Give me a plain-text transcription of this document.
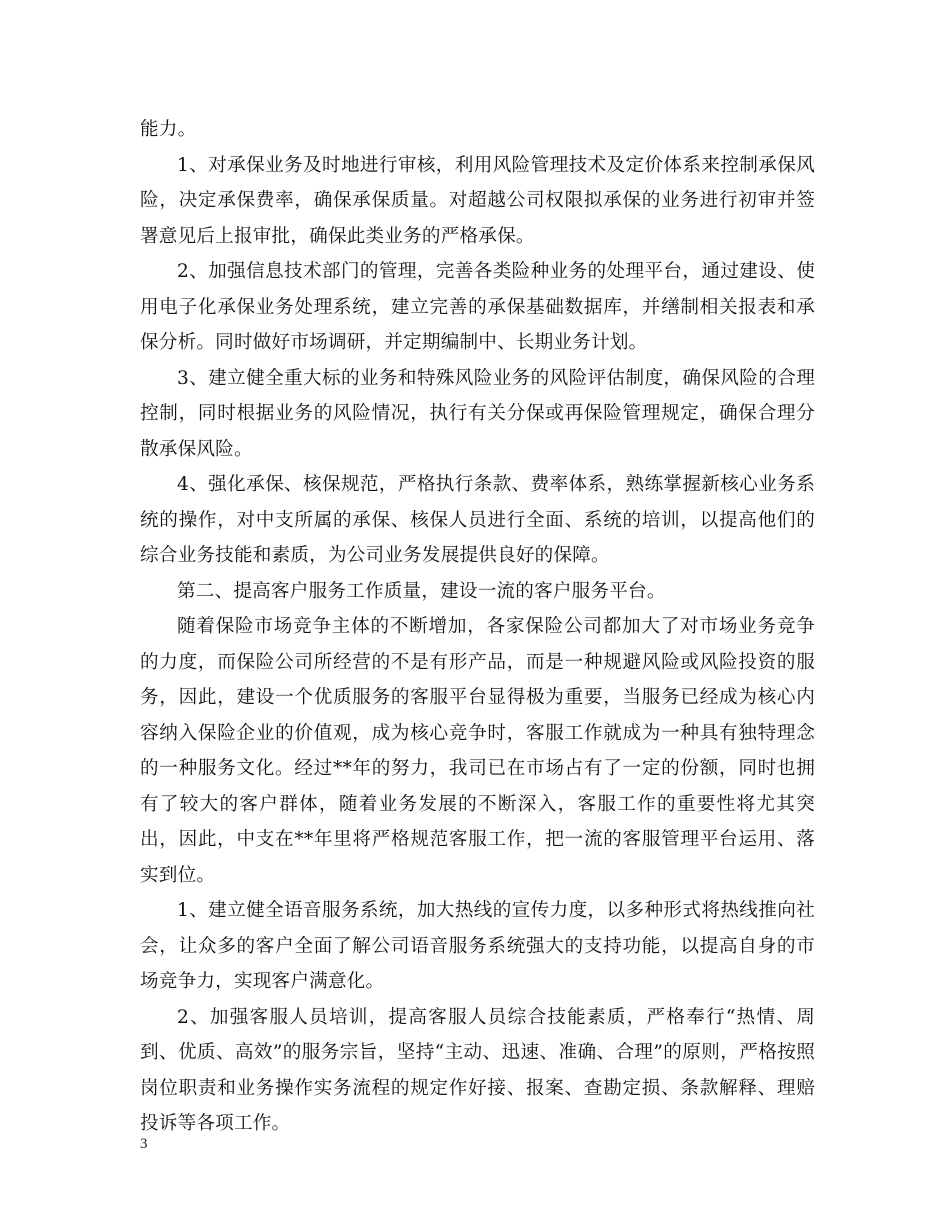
能力。

1、对承保业务及时地进行审核，利用风险管理技术及定价体系来控制承保风险，决定承保费率，确保承保质量。对超越公司权限拟承保的业务进行初审并签署意见后上报审批，确保此类业务的严格承保。

2、加强信息技术部门的管理，完善各类险种业务的处理平台，通过建设、使用电子化承保业务处理系统，建立完善的承保基础数据库，并缮制相关报表和承保分析。同时做好市场调研，并定期编制中、长期业务计划。

3、建立健全重大标的业务和特殊风险业务的风险评估制度，确保风险的合理控制，同时根据业务的风险情况，执行有关分保或再保险管理规定，确保合理分散承保风险。

4、强化承保、核保规范，严格执行条款、费率体系，熟练掌握新核心业务系统的操作，对中支所属的承保、核保人员进行全面、系统的培训，以提高他们的综合业务技能和素质，为公司业务发展提供良好的保障。

第二、提高客户服务工作质量，建设一流的客户服务平台。

随着保险市场竞争主体的不断增加，各家保险公司都加大了对市场业务竞争的力度，而保险公司所经营的不是有形产品，而是一种规避风险或风险投资的服务，因此，建设一个优质服务的客服平台显得极为重要，当服务已经成为核心内容纳入保险企业的价值观，成为核心竞争时，客服工作就成为一种具有独特理念的一种服务文化。经过**年的努力，我司已在市场占有了一定的份额，同时也拥有了较大的客户群体，随着业务发展的不断深入，客服工作的重要性将尤其突出，因此，中支在**年里将严格规范客服工作，把一流的客服管理平台运用、落实到位。

1、建立健全语音服务系统，加大热线的宣传力度，以多种形式将热线推向社会，让众多的客户全面了解公司语音服务系统强大的支持功能，以提高自身的市场竞争力，实现客户满意化。

2、加强客服人员培训，提高客服人员综合技能素质，严格奉行“热情、周到、优质、高效”的服务宗旨，坚持“主动、迅速、准确、合理”的原则，严格按照岗位职责和业务操作实务流程的规定作好接、报案、查勘定损、条款解释、理赔投诉等各项工作。

3
